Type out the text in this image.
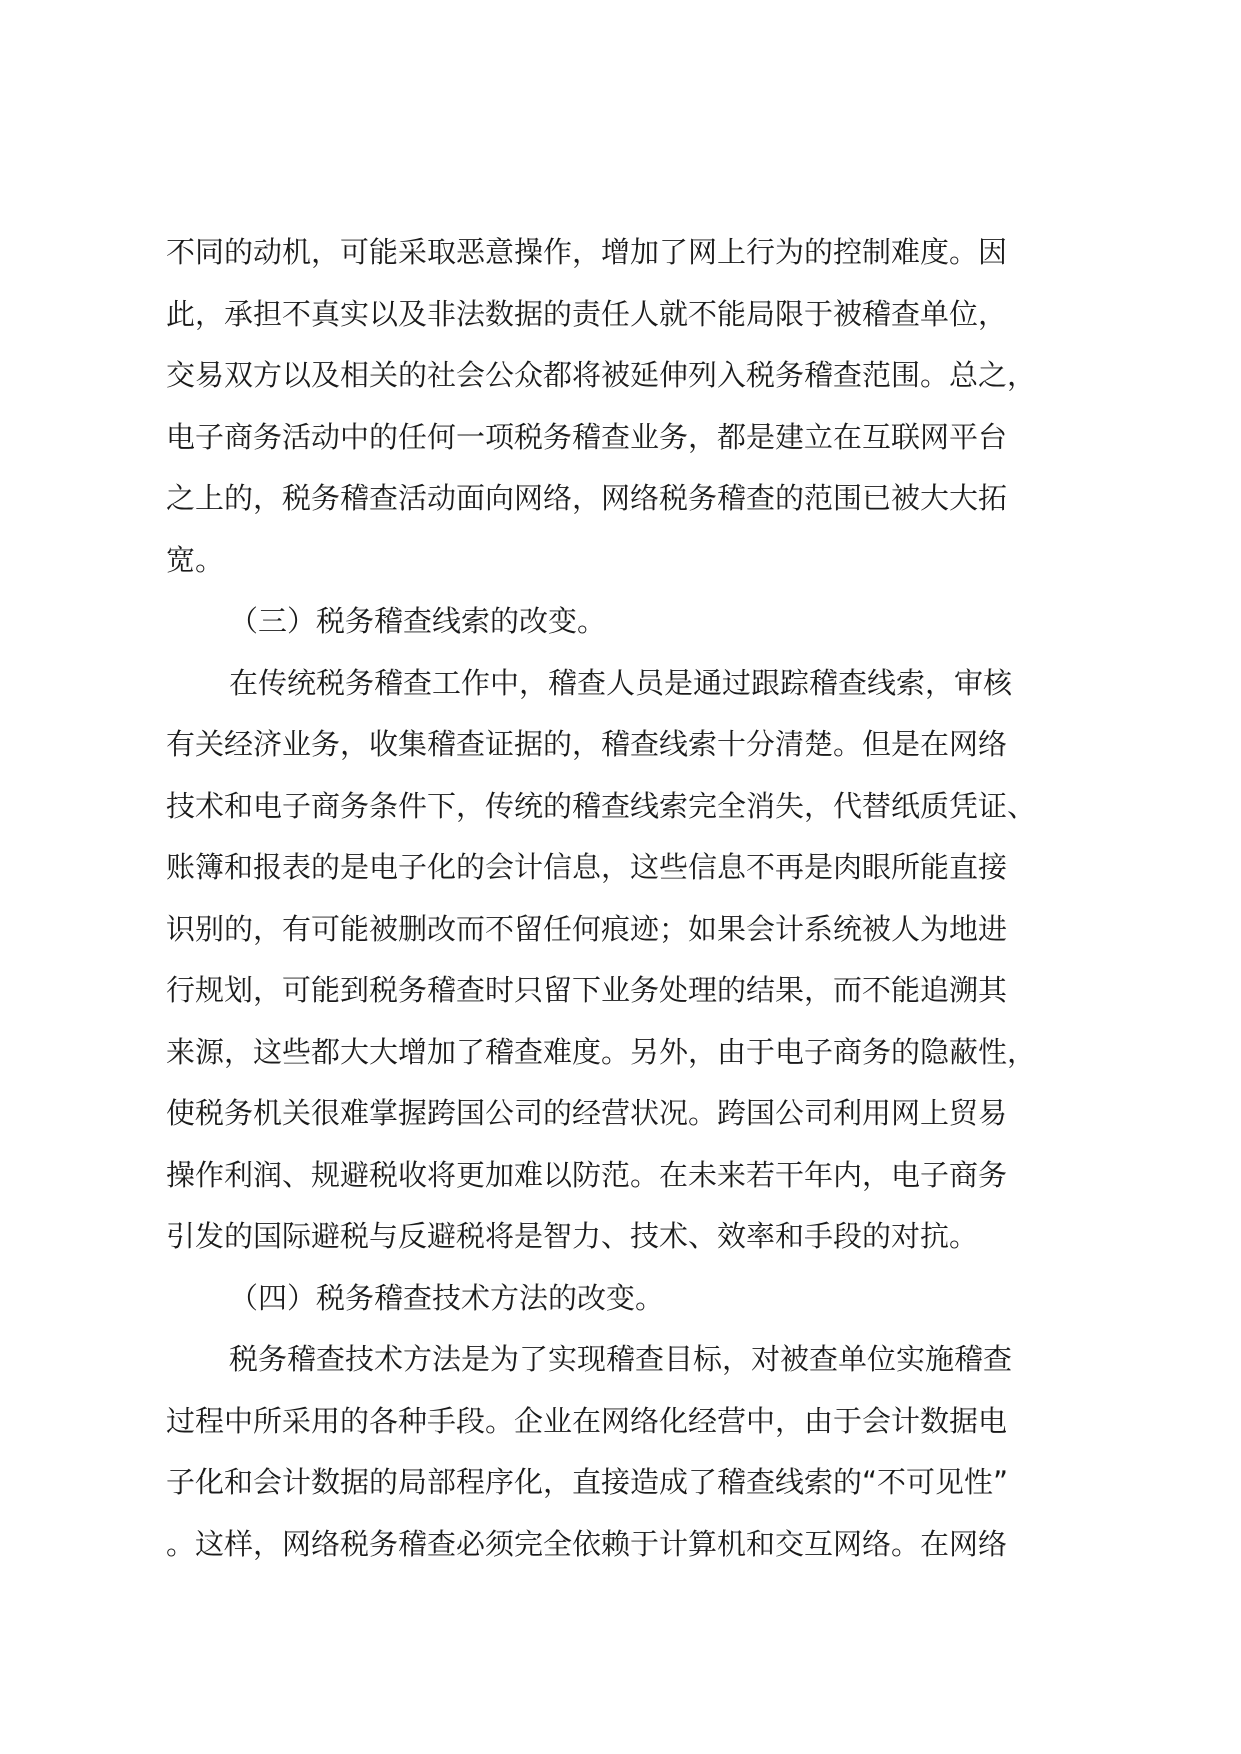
不同的动机，可能采取恶意操作，增加了网上行为的控制难度。因
此，承担不真实以及非法数据的责任人就不能局限于被稽查单位，
交易双方以及相关的社会公众都将被延伸列入税务稽查范围。总之，
电子商务活动中的任何一项税务稽查业务，都是建立在互联网平台
之上的，税务稽查活动面向网络，网络税务稽查的范围已被大大拓
宽。
（三）税务稽查线索的改变。
在传统税务稽查工作中，稽查人员是通过跟踪稽查线索，审核
有关经济业务，收集稽查证据的，稽查线索十分清楚。但是在网络
技术和电子商务条件下，传统的稽查线索完全消失，代替纸质凭证、
账簿和报表的是电子化的会计信息，这些信息不再是肉眼所能直接
识别的，有可能被删改而不留任何痕迹；如果会计系统被人为地进
行规划，可能到税务稽查时只留下业务处理的结果，而不能追溯其
来源，这些都大大增加了稽查难度。另外，由于电子商务的隐蔽性，
使税务机关很难掌握跨国公司的经营状况。跨国公司利用网上贸易
操作利润、规避税收将更加难以防范。在未来若干年内，电子商务
引发的国际避税与反避税将是智力、技术、效率和手段的对抗。
（四）税务稽查技术方法的改变。
税务稽查技术方法是为了实现稽查目标，对被查单位实施稽查
过程中所采用的各种手段。企业在网络化经营中，由于会计数据电
子化和会计数据的局部程序化，直接造成了稽查线索的“不可见性”
。这样，网络税务稽查必须完全依赖于计算机和交互网络。在网络
